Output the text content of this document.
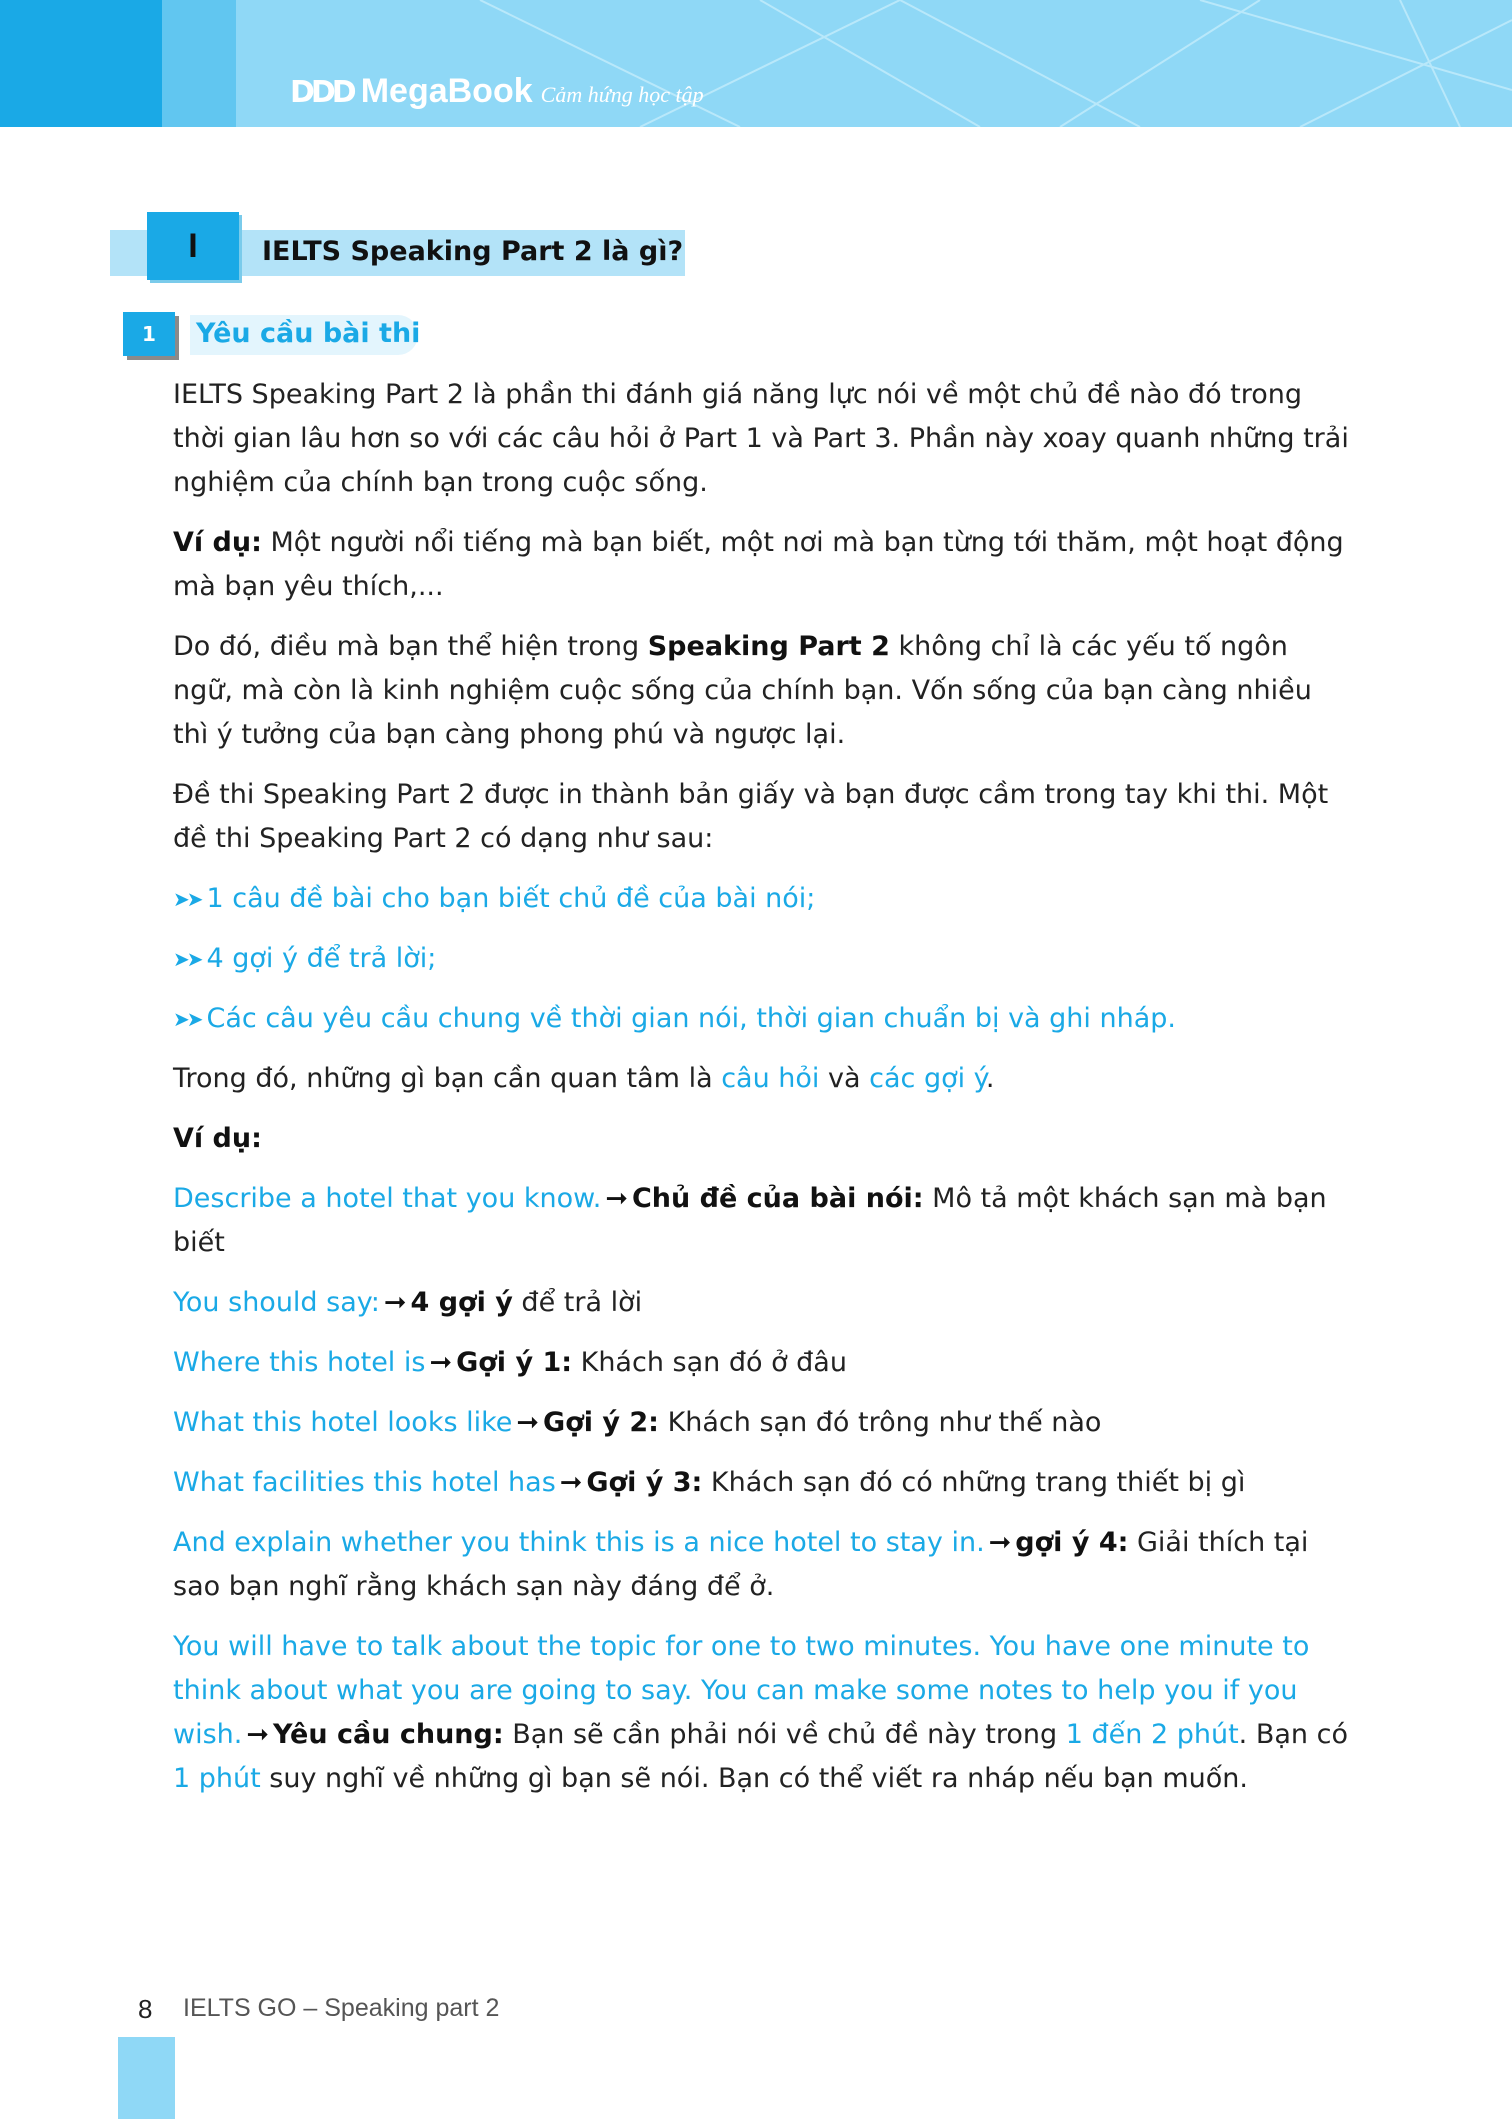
DDD MegaBook Cảm hứng học tập
I	IELTS Speaking Part 2 là gì?
1	Yêu cầu bài thi

IELTS Speaking Part 2 là phần thi đánh giá năng lực nói về một chủ đề nào đó trong thời gian lâu hơn so với các câu hỏi ở Part 1 và Part 3. Phần này xoay quanh những trải nghiệm của chính bạn trong cuộc sống.

Ví dụ: Một người nổi tiếng mà bạn biết, một nơi mà bạn từng tới thăm, một hoạt động mà bạn yêu thích,...

Do đó, điều mà bạn thể hiện trong Speaking Part 2 không chỉ là các yếu tố ngôn ngữ, mà còn là kinh nghiệm cuộc sống của chính bạn. Vốn sống của bạn càng nhiều thì ý tưởng của bạn càng phong phú và ngược lại.

Đề thi Speaking Part 2 được in thành bản giấy và bạn được cầm trong tay khi thi. Một đề thi Speaking Part 2 có dạng như sau:

➤➤ 1 câu đề bài cho bạn biết chủ đề của bài nói;

➤➤ 4 gợi ý để trả lời;

➤➤ Các câu yêu cầu chung về thời gian nói, thời gian chuẩn bị và ghi nháp.

Trong đó, những gì bạn cần quan tâm là câu hỏi và các gợi ý.

Ví dụ:

Describe a hotel that you know. ➞ Chủ đề của bài nói: Mô tả một khách sạn mà bạn biết

You should say: ➞ 4 gợi ý để trả lời

Where this hotel is ➞ Gợi ý 1: Khách sạn đó ở đâu

What this hotel looks like ➞ Gợi ý 2: Khách sạn đó trông như thế nào

What facilities this hotel has ➞ Gợi ý 3: Khách sạn đó có những trang thiết bị gì

And explain whether you think this is a nice hotel to stay in. ➞ gợi ý 4: Giải thích tại sao bạn nghĩ rằng khách sạn này đáng để ở.

You will have to talk about the topic for one to two minutes. You have one minute to think about what you are going to say. You can make some notes to help you if you wish. ➞ Yêu cầu chung: Bạn sẽ cần phải nói về chủ đề này trong 1 đến 2 phút. Bạn có 1 phút suy nghĩ về những gì bạn sẽ nói. Bạn có thể viết ra nháp nếu bạn muốn.

8 IELTS GO – Speaking part 2
